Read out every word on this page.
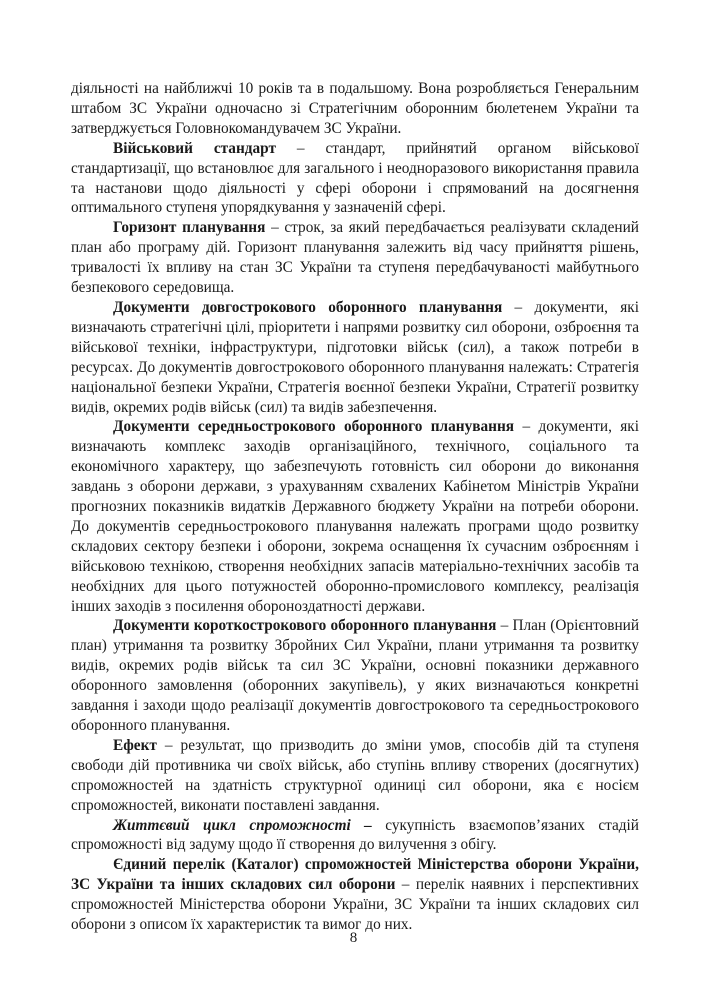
діяльності на найближчі 10 років та в подальшому. Вона розробляється Генеральним штабом ЗС України одночасно зі Стратегічним оборонним бюлетенем України та затверджується Головнокомандувачем ЗС України.

Військовий стандарт – стандарт, прийнятий органом військової стандартизації, що встановлює для загального і неодноразового використання правила та настанови щодо діяльності у сфері оборони і спрямований на досягнення оптимального ступеня упорядкування у зазначеній сфері.

Горизонт планування – строк, за який передбачається реалізувати складений план або програму дій. Горизонт планування залежить від часу прийняття рішень, тривалості їх впливу на стан ЗС України та ступеня передбачуваності майбутнього безпекового середовища.

Документи довгострокового оборонного планування – документи, які визначають стратегічні цілі, пріоритети і напрями розвитку сил оборони, озброєння та військової техніки, інфраструктури, підготовки військ (сил), а також потреби в ресурсах. До документів довгострокового оборонного планування належать: Стратегія національної безпеки України, Стратегія воєнної безпеки України, Стратегії розвитку видів, окремих родів військ (сил) та видів забезпечення.

Документи середньострокового оборонного планування – документи, які визначають комплекс заходів організаційного, технічного, соціального та економічного характеру, що забезпечують готовність сил оборони до виконання завдань з оборони держави, з урахуванням схвалених Кабінетом Міністрів України прогнозних показників видатків Державного бюджету України на потреби оборони. До документів середньострокового планування належать програми щодо розвитку складових сектору безпеки і оборони, зокрема оснащення їх сучасним озброєнням і військовою технікою, створення необхідних запасів матеріально-технічних засобів та необхідних для цього потужностей оборонно-промислового комплексу, реалізація інших заходів з посилення обороноздатності держави.

Документи короткострокового оборонного планування – План (Орієнтовний план) утримання та розвитку Збройних Сил України, плани утримання та розвитку видів, окремих родів військ та сил ЗС України, основні показники державного оборонного замовлення (оборонних закупівель), у яких визначаються конкретні завдання і заходи щодо реалізації документів довгострокового та середньострокового оборонного планування.

Ефект – результат, що призводить до зміни умов, способів дій та ступеня свободи дій противника чи своїх військ, або ступінь впливу створених (досягнутих) спроможностей на здатність структурної одиниці сил оборони, яка є носієм спроможностей, виконати поставлені завдання.

Життєвий цикл спроможності – сукупність взаємопов’язаних стадій спроможності від задуму щодо її створення до вилучення з обігу.

Єдиний перелік (Каталог) спроможностей Міністерства оборони України, ЗС України та інших складових сил оборони – перелік наявних і перспективних спроможностей Міністерства оборони України, ЗС України та інших складових сил оборони з описом їх характеристик та вимог до них.

8
